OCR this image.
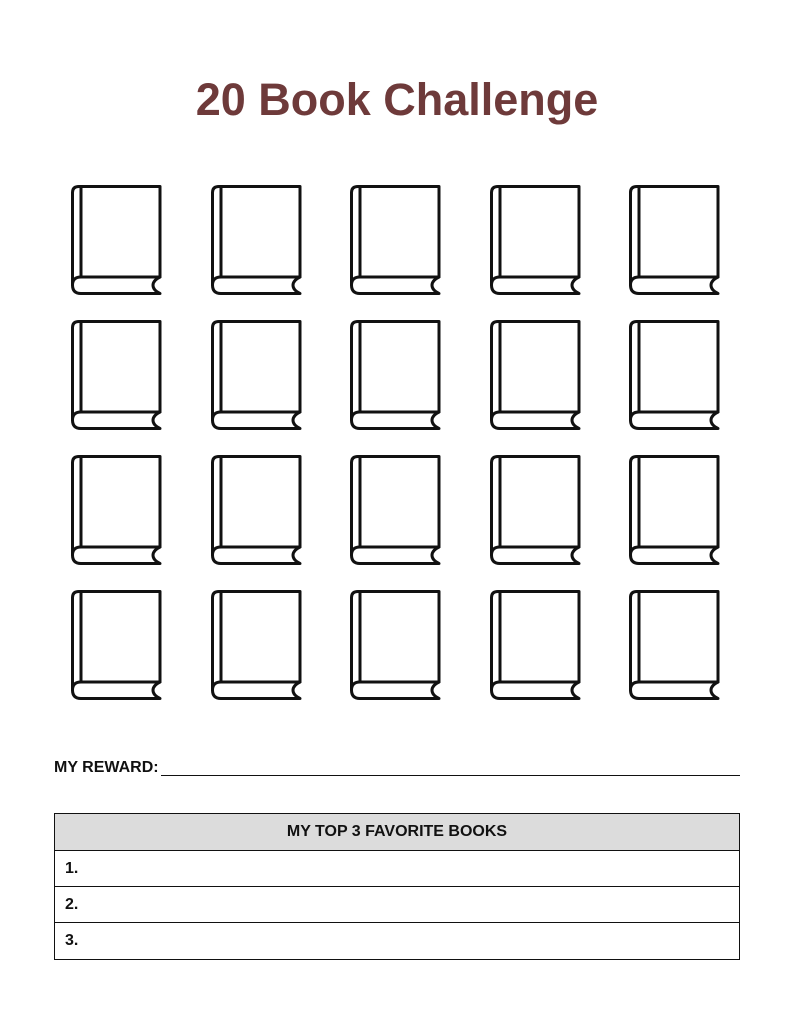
20 Book Challenge
MY REWARD:
MY TOP 3 FAVORITE BOOKS
1.
2.
3.
